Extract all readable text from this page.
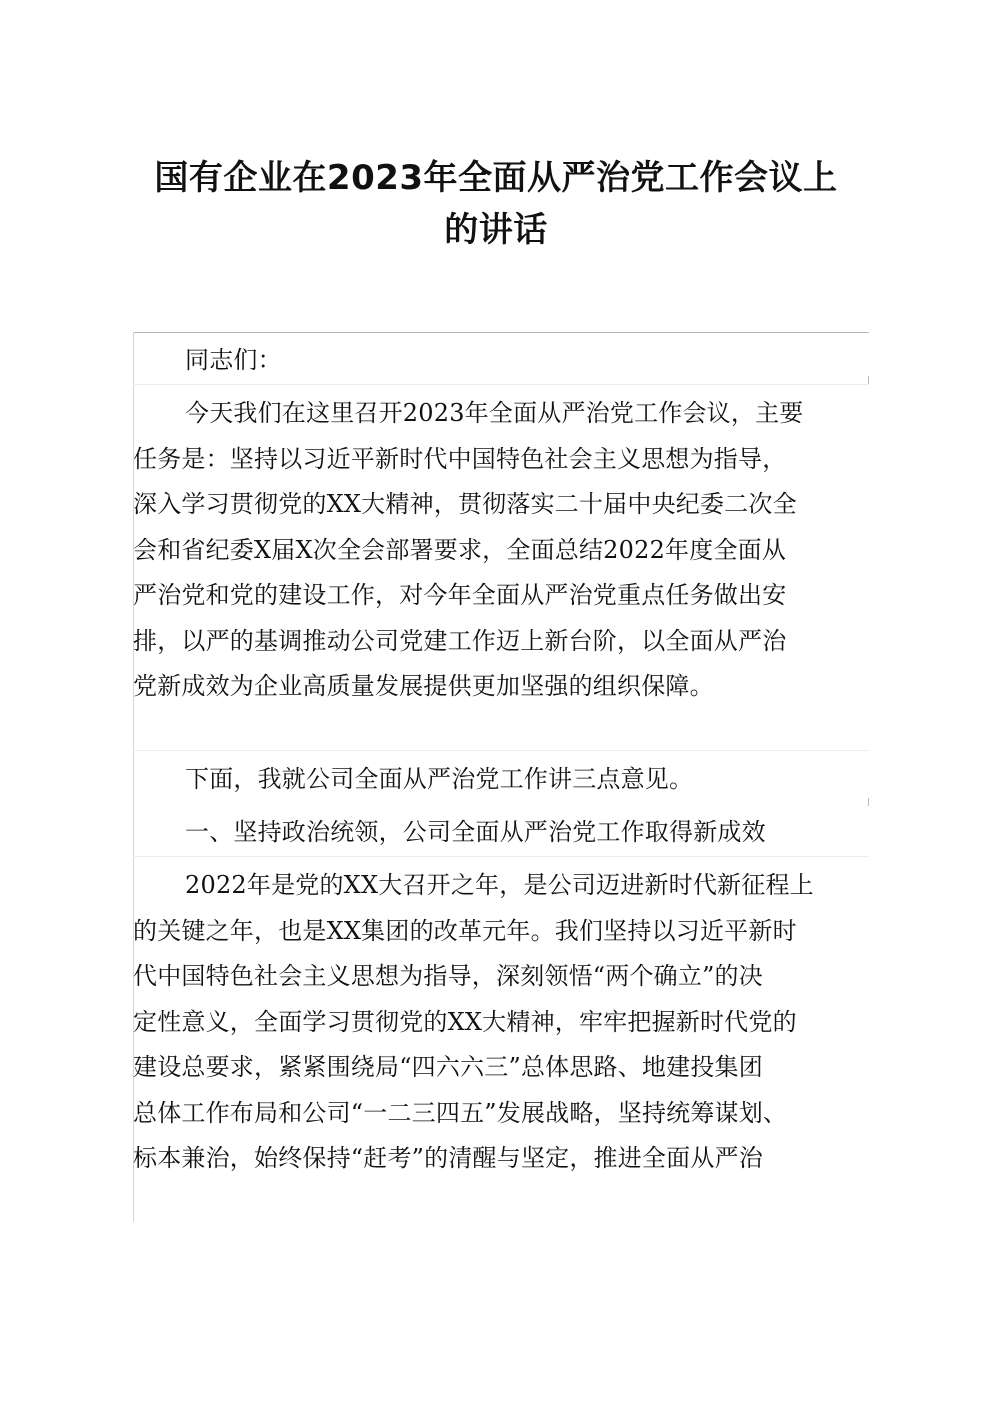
国有企业在2023年全面从严治党工作会议上
的讲话
同志们：
今天我们在这里召开2023年全面从严治党工作会议，主要
任务是：坚持以习近平新时代中国特色社会主义思想为指导，
深入学习贯彻党的XX大精神，贯彻落实二十届中央纪委二次全
会和省纪委X届X次全会部署要求，全面总结2022年度全面从
严治党和党的建设工作，对今年全面从严治党重点任务做出安
排，以严的基调推动公司党建工作迈上新台阶，以全面从严治
党新成效为企业高质量发展提供更加坚强的组织保障。
下面，我就公司全面从严治党工作讲三点意见。
一、坚持政治统领，公司全面从严治党工作取得新成效
2022年是党的XX大召开之年，是公司迈进新时代新征程上
的关键之年，也是XX集团的改革元年。我们坚持以习近平新时
代中国特色社会主义思想为指导，深刻领悟“两个确立”的决
定性意义，全面学习贯彻党的XX大精神，牢牢把握新时代党的
建设总要求，紧紧围绕局“四六六三”总体思路、地建投集团
总体工作布局和公司“一二三四五”发展战略，坚持统筹谋划、
标本兼治，始终保持“赶考”的清醒与坚定，推进全面从严治
